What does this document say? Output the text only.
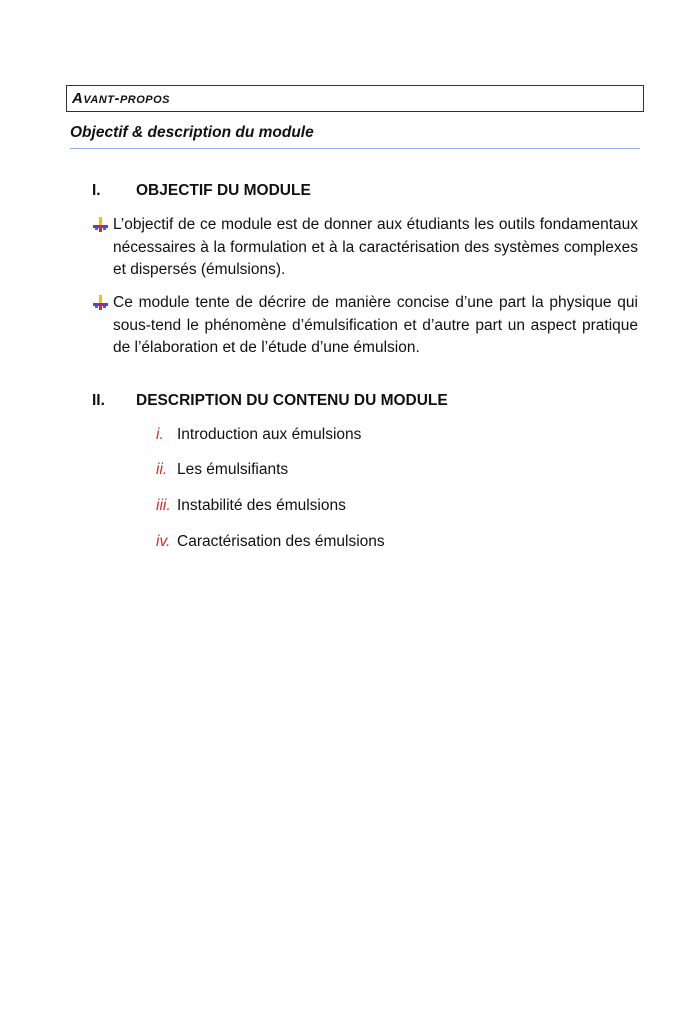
Avant-propos
Objectif & description du module
I. OBJECTIF DU MODULE
L’objectif de ce module est de donner aux étudiants les outils fondamentaux nécessaires à la formulation et à la caractérisation des systèmes complexes et dispersés (émulsions).
Ce module tente de décrire de manière concise d’une part la physique qui sous-tend le phénomène d’émulsification et d’autre part un aspect pratique de l’élaboration et de l’étude d’une émulsion.
II. DESCRIPTION DU CONTENU DU MODULE
i. Introduction aux émulsions
ii. Les émulsifiants
iii. Instabilité des émulsions
iv. Caractérisation des émulsions
